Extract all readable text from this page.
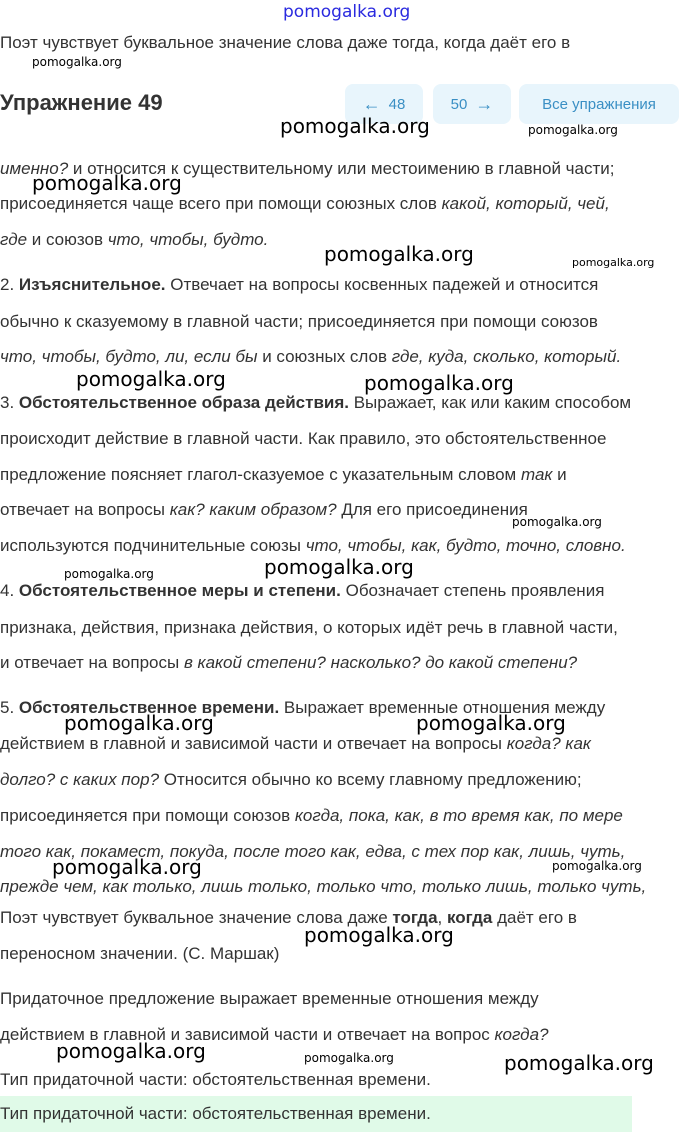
pomogalka.org
Поэт чувствует буквальное значение слова даже тогда, когда даёт его в
Упражнение 49	← 48	50 →	Все упражнения
именно? и относится к существительному или местоимению в главной части;
присоединяется чаще всего при помощи союзных слов какой, который, чей,
где и союзов что, чтобы, будто.
2. Изъяснительное. Отвечает на вопросы косвенных падежей и относится
обычно к сказуемому в главной части; присоединяется при помощи союзов
что, чтобы, будто, ли, если бы и союзных слов где, куда, сколько, который.
3. Обстоятельственное образа действия. Выражает, как или каким способом
происходит действие в главной части. Как правило, это обстоятельственное
предложение поясняет глагол-сказуемое с указательным словом так и
отвечает на вопросы как? каким образом? Для его присоединения
используются подчинительные союзы что, чтобы, как, будто, точно, словно.
4. Обстоятельственное меры и степени. Обозначает степень проявления
признака, действия, признака действия, о которых идёт речь в главной части,
и отвечает на вопросы в какой степени? насколько? до какой степени?
5. Обстоятельственное времени. Выражает временные отношения между
действием в главной и зависимой части и отвечает на вопросы когда? как
долго? с каких пор? Относится обычно ко всему главному предложению;
присоединяется при помощи союзов когда, пока, как, в то время как, по мере
того как, покамест, покуда, после того как, едва, с тех пор как, лишь, чуть,
прежде чем, как только, лишь только, только что, только лишь, только чуть,
Поэт чувствует буквальное значение слова даже тогда, когда даёт его в
переносном значении. (С. Маршак)
Придаточное предложение выражает временные отношения между
действием в главной и зависимой части и отвечает на вопрос когда?
Тип придаточной части: обстоятельственная времени.
Тип придаточной части: обстоятельственная времени.
pomogalka.org
pomogalka.org	pomogalka.org
pomogalka.org
pomogalka.org	pomogalka.org
pomogalka.org	pomogalka.org
pomogalka.org
pomogalka.org
pomogalka.org
pomogalka.org	pomogalka.org
pomogalka.org	pomogalka.org
pomogalka.org
pomogalka.org	pomogalka.org	pomogalka.org
